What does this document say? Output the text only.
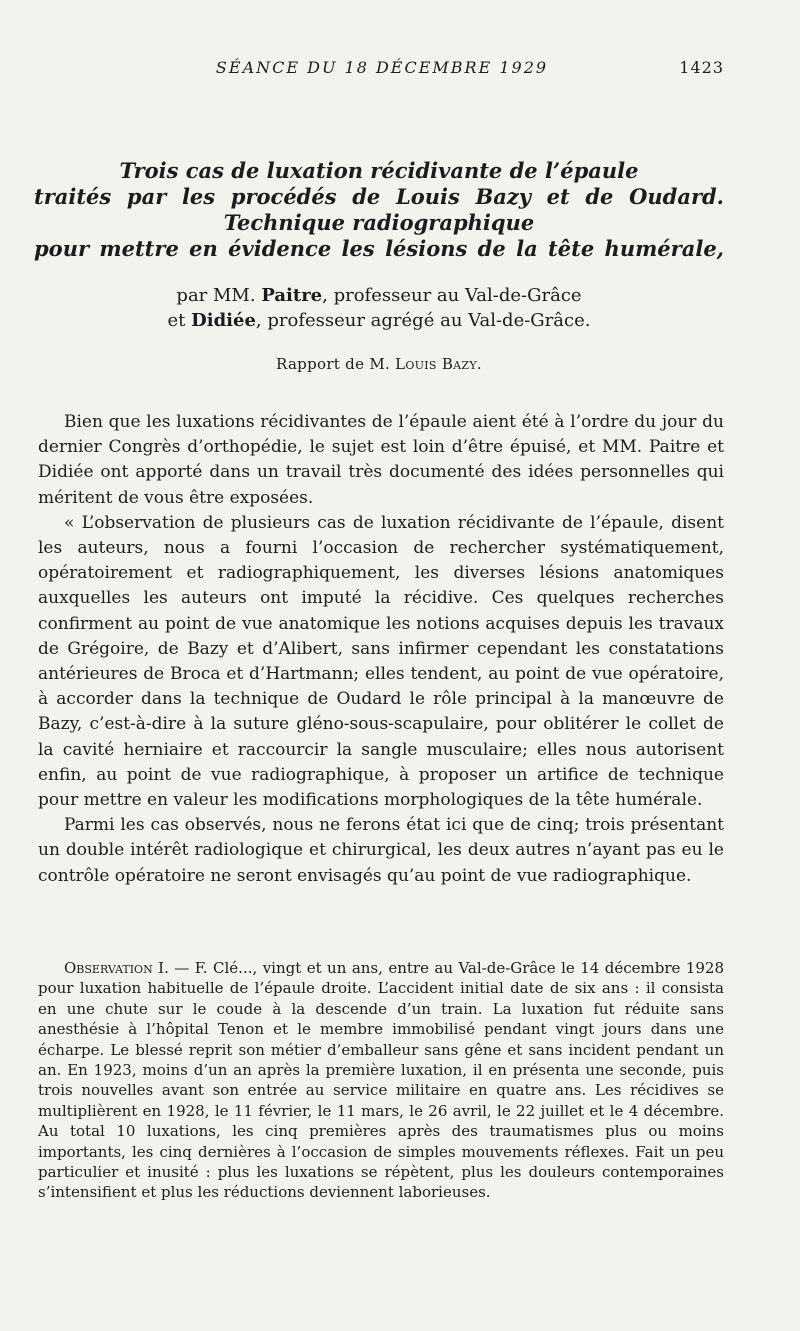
SÉANCE DU 18 DÉCEMBRE 1929	1423
Trois cas de luxation récidivante de l’épaule
traités par les procédés de Louis Bazy et de Oudard.
Technique radiographique
pour mettre en évidence les lésions de la tête humérale,
par MM. Paitre, professeur au Val-de-Grâce
et Didiée, professeur agrégé au Val-de-Grâce.
Rapport de M. Louis Bazy.

Bien que les luxations récidivantes de l’épaule aient été à l’ordre du jour du dernier Congrès d’orthopédie, le sujet est loin d’être épuisé, et MM. Paitre et Didiée ont apporté dans un travail très documenté des idées personnelles qui méritent de vous être exposées.

« L’observation de plusieurs cas de luxation récidivante de l’épaule, disent les auteurs, nous a fourni l’occasion de rechercher systématiquement, opératoirement et radiographiquement, les diverses lésions anatomiques auxquelles les auteurs ont imputé la récidive. Ces quelques recherches confirment au point de vue anatomique les notions acquises depuis les travaux de Grégoire, de Bazy et d’Alibert, sans infirmer cependant les constatations antérieures de Broca et d’Hartmann; elles tendent, au point de vue opératoire, à accorder dans la technique de Oudard le rôle principal à la manœuvre de Bazy, c’est-à-dire à la suture gléno-sous-scapulaire, pour oblitérer le collet de la cavité herniaire et raccourcir la sangle musculaire; elles nous autorisent enfin, au point de vue radiographique, à proposer un artifice de technique pour mettre en valeur les modifications morphologiques de la tête humérale.

Parmi les cas observés, nous ne ferons état ici que de cinq; trois présentant un double intérêt radiologique et chirurgical, les deux autres n’ayant pas eu le contrôle opératoire ne seront envisagés qu’au point de vue radiographique.

Observation I. — F. Clé..., vingt et un ans, entre au Val-de-Grâce le 14 décembre 1928 pour luxation habituelle de l’épaule droite. L’accident initial date de six ans : il consista en une chute sur le coude à la descende d’un train. La luxation fut réduite sans anesthésie à l’hôpital Tenon et le membre immobilisé pendant vingt jours dans une écharpe. Le blessé reprit son métier d’emballeur sans gêne et sans incident pendant un an. En 1923, moins d’un an après la première luxation, il en présenta une seconde, puis trois nouvelles avant son entrée au service militaire en quatre ans. Les récidives se multiplièrent en 1928, le 11 février, le 11 mars, le 26 avril, le 22 juillet et le 4 décembre. Au total 10 luxations, les cinq premières après des traumatismes plus ou moins importants, les cinq dernières à l’occasion de simples mouvements réflexes. Fait un peu particulier et inusité : plus les luxations se répètent, plus les douleurs contemporaines s’intensifient et plus les réductions deviennent laborieuses.
